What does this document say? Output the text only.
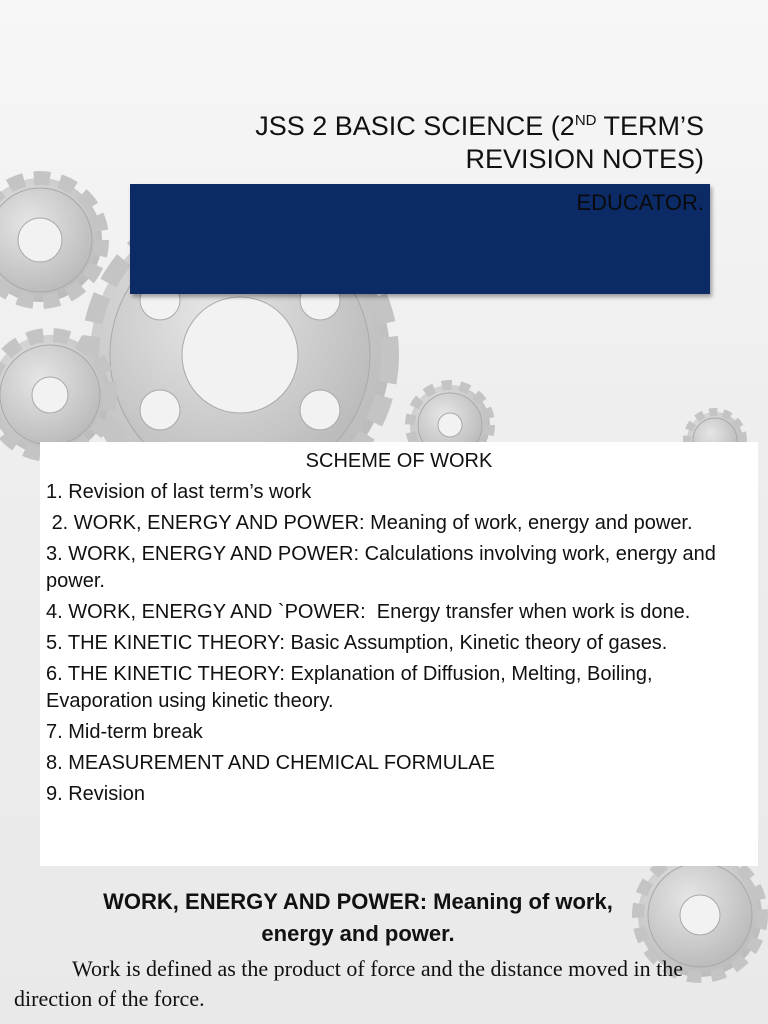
JSS 2 BASIC SCIENCE (2ND TERM’S
REVISION NOTES)
EDUCATOR.
SCHEME OF WORK
1. Revision of last term’s work
2. WORK, ENERGY AND POWER: Meaning of work, energy and power.
3. WORK, ENERGY AND POWER: Calculations involving work, energy and power.
4. WORK, ENERGY AND `POWER:  Energy transfer when work is done.
5. THE KINETIC THEORY: Basic Assumption, Kinetic theory of gases.
6. THE KINETIC THEORY: Explanation of Diffusion, Melting, Boiling, Evaporation using kinetic theory.
7. Mid-term break
8. MEASUREMENT AND CHEMICAL FORMULAE
9. Revision
WORK, ENERGY AND POWER: Meaning of work,
energy and power.
Work is defined as the product of force and the distance moved in the direction of the force.
